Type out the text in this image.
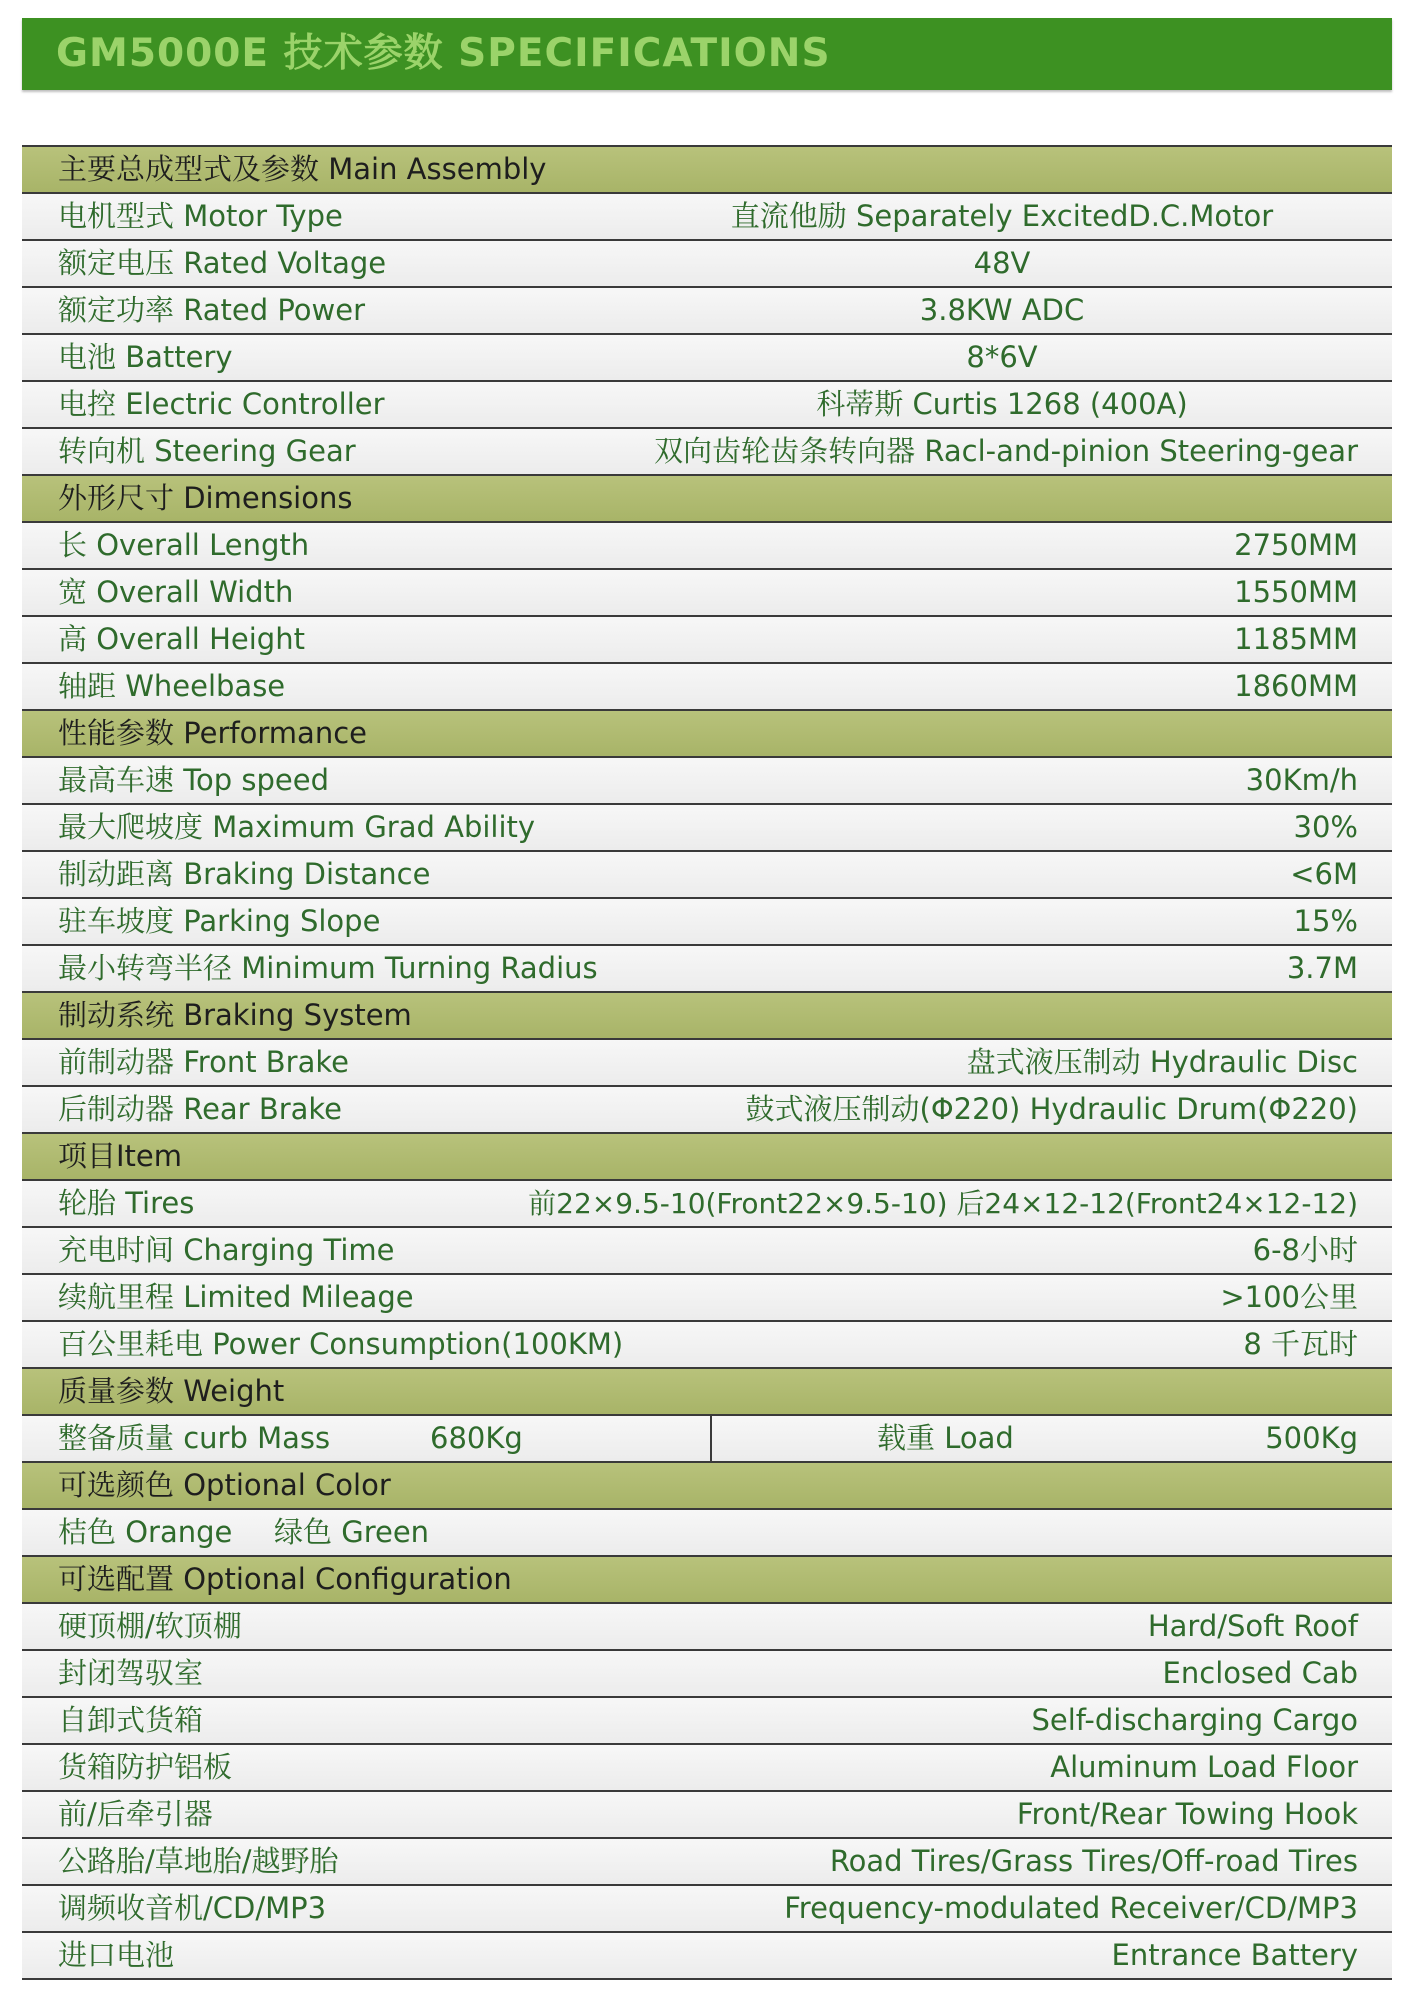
GM5000E 技术参数 SPECIFICATIONS
主要总成型式及参数 Main Assembly
电机型式 Motor Type	直流他励 Separately ExcitedD.C.Motor
额定电压 Rated Voltage	48V
额定功率 Rated Power	3.8KW ADC
电池 Battery	8*6V
电控 Electric Controller	科蒂斯 Curtis 1268 (400A)
转向机 Steering Gear	双向齿轮齿条转向器 Racl-and-pinion Steering-gear
外形尺寸 Dimensions
长 Overall Length	2750MM
宽 Overall Width	1550MM
高 Overall Height	1185MM
轴距 Wheelbase	1860MM
性能参数 Performance
最高车速 Top speed	30Km/h
最大爬坡度 Maximum Grad Ability	30%
制动距离 Braking Distance	<6M
驻车坡度 Parking Slope	15%
最小转弯半径 Minimum Turning Radius	3.7M
制动系统 Braking System
前制动器 Front Brake	盘式液压制动 Hydraulic Disc
后制动器 Rear Brake	鼓式液压制动(Φ220) Hydraulic Drum(Φ220)
项目Item
轮胎 Tires	前22×9.5-10(Front22×9.5-10) 后24×12-12(Front24×12-12)
充电时间 Charging Time	6-8小时
续航里程 Limited Mileage	>100公里
百公里耗电 Power Consumption(100KM)	8 千瓦时
质量参数 Weight
整备质量 curb Mass	680Kg	载重 Load	500Kg
可选颜色 Optional Color
桔色 Orange 绿色 Green
可选配置 Optional Configuration
硬顶棚/软顶棚	Hard/Soft Roof
封闭驾驭室	Enclosed Cab
自卸式货箱	Self-discharging Cargo
货箱防护铝板	Aluminum Load Floor
前/后牵引器	Front/Rear Towing Hook
公路胎/草地胎/越野胎	Road Tires/Grass Tires/Off-road Tires
调频收音机/CD/MP3	Frequency-modulated Receiver/CD/MP3
进口电池	Entrance Battery
